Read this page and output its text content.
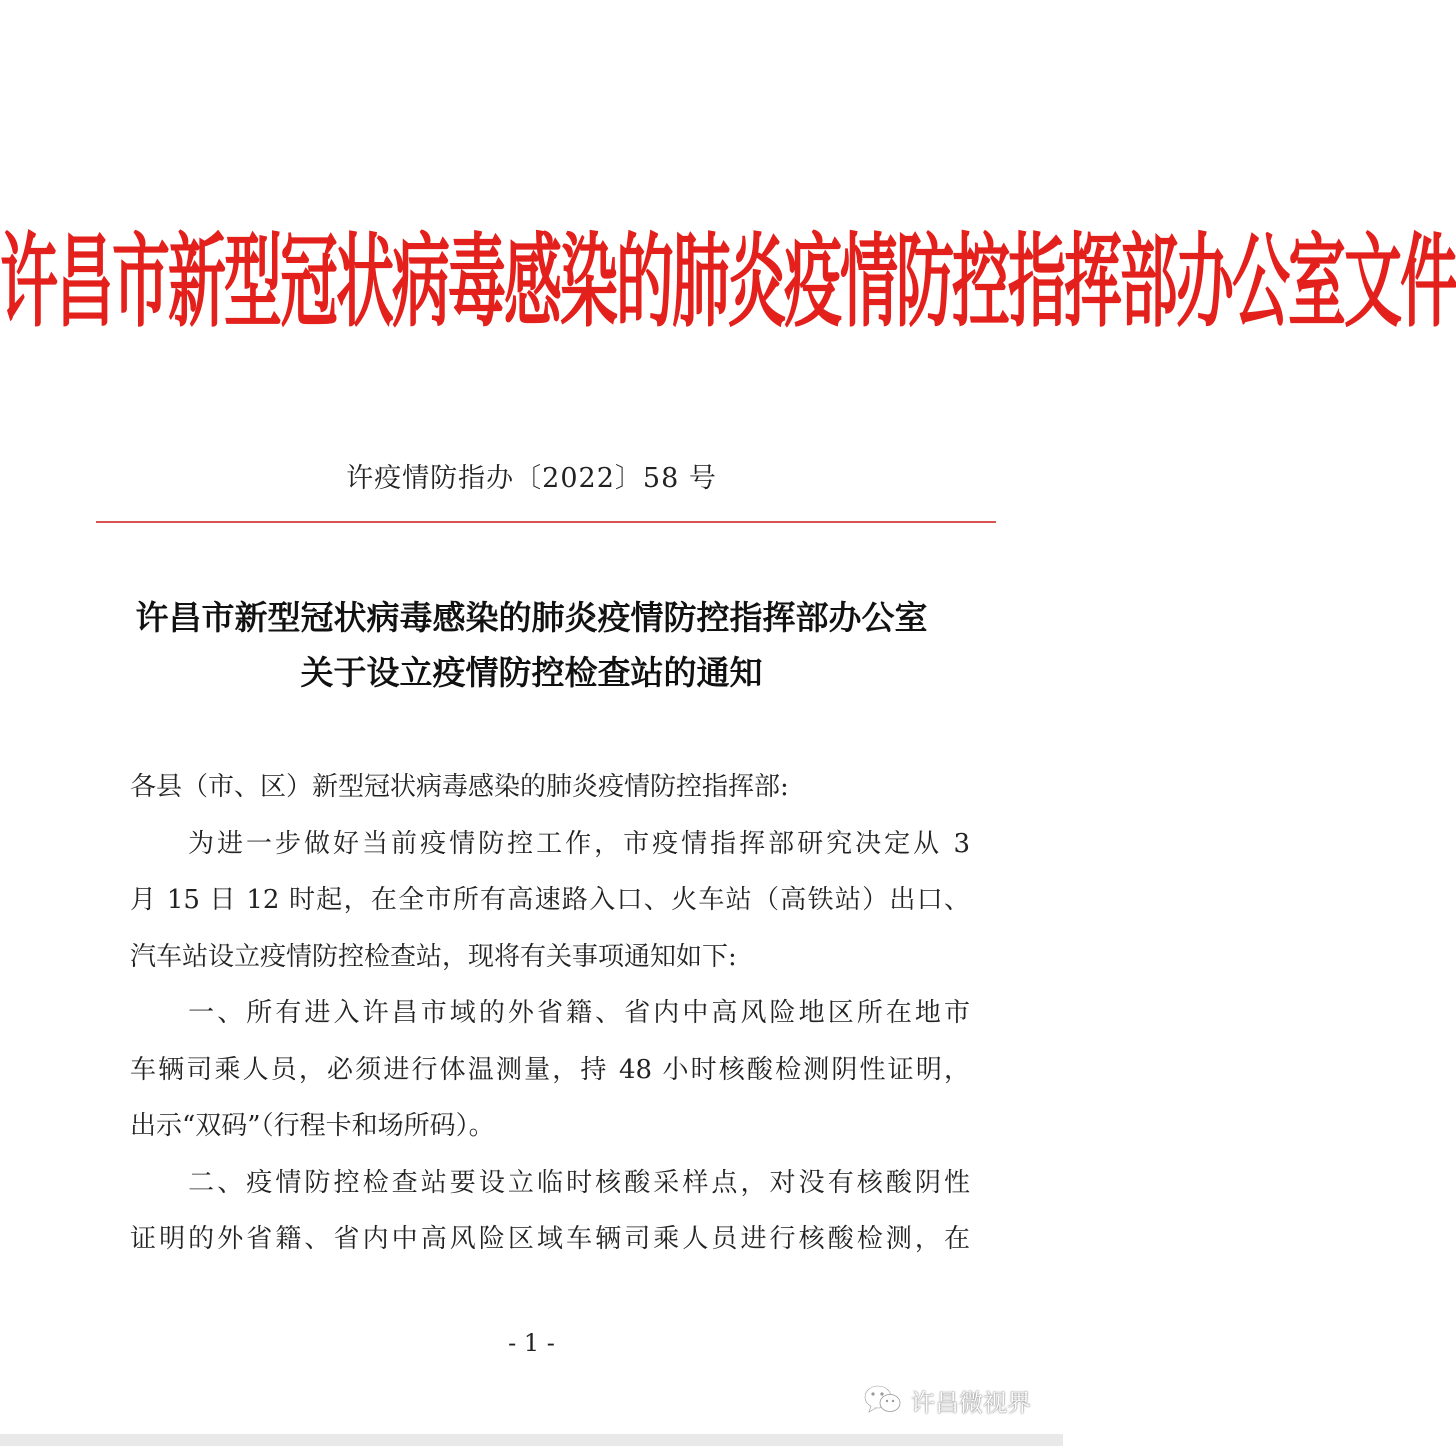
许昌市新型冠状病毒感染的肺炎疫情防控指挥部办公室文件
许疫情防指办〔2022〕58 号
许昌市新型冠状病毒感染的肺炎疫情防控指挥部办公室
关于设立疫情防控检查站的通知
各县（市、区）新型冠状病毒感染的肺炎疫情防控指挥部:
　　为进一步做好当前疫情防控工作，市疫情指挥部研究决定从 3
月 15 日 12 时起，在全市所有高速路入口、火车站（高铁站）出口、
汽车站设立疫情防控检查站，现将有关事项通知如下:
　　一、所有进入许昌市域的外省籍、省内中高风险地区所在地市
车辆司乘人员，必须进行体温测量，持 48 小时核酸检测阴性证明，
出示“双码”（行程卡和场所码）。
　　二、疫情防控检查站要设立临时核酸采样点，对没有核酸阴性
证明的外省籍、省内中高风险区域车辆司乘人员进行核酸检测，在
- 1 -
许昌微视界
